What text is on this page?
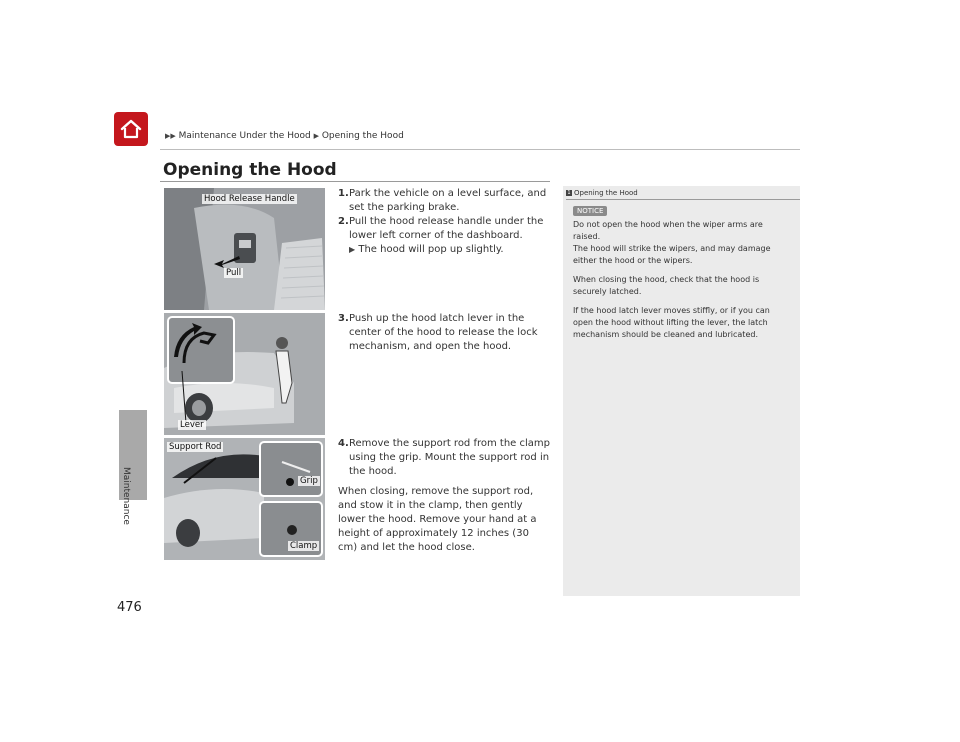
▶▶ Maintenance Under the Hood ▶ Opening the Hood
Maintenance
476
Opening the Hood
Hood Release Handle
Pull
Lever
Support Rod
Grip
Clamp
1. Park the vehicle on a level surface, and set the parking brake.
2. Pull the hood release handle under the lower left corner of the dashboard.
▶ The hood will pop up slightly.
3. Push up the hood latch lever in the center of the hood to release the lock mechanism, and open the hood.
4. Remove the support rod from the clamp using the grip. Mount the support rod in the hood.
When closing, remove the support rod, and stow it in the clamp, then gently lower the hood. Remove your hand at a height of approximately 12 inches (30 cm) and let the hood close.
1 Opening the Hood
NOTICE

Do not open the hood when the wiper arms are raised.
The hood will strike the wipers, and may damage either the hood or the wipers.

When closing the hood, check that the hood is securely latched.

If the hood latch lever moves stiffly, or if you can open the hood without lifting the lever, the latch mechanism should be cleaned and lubricated.
